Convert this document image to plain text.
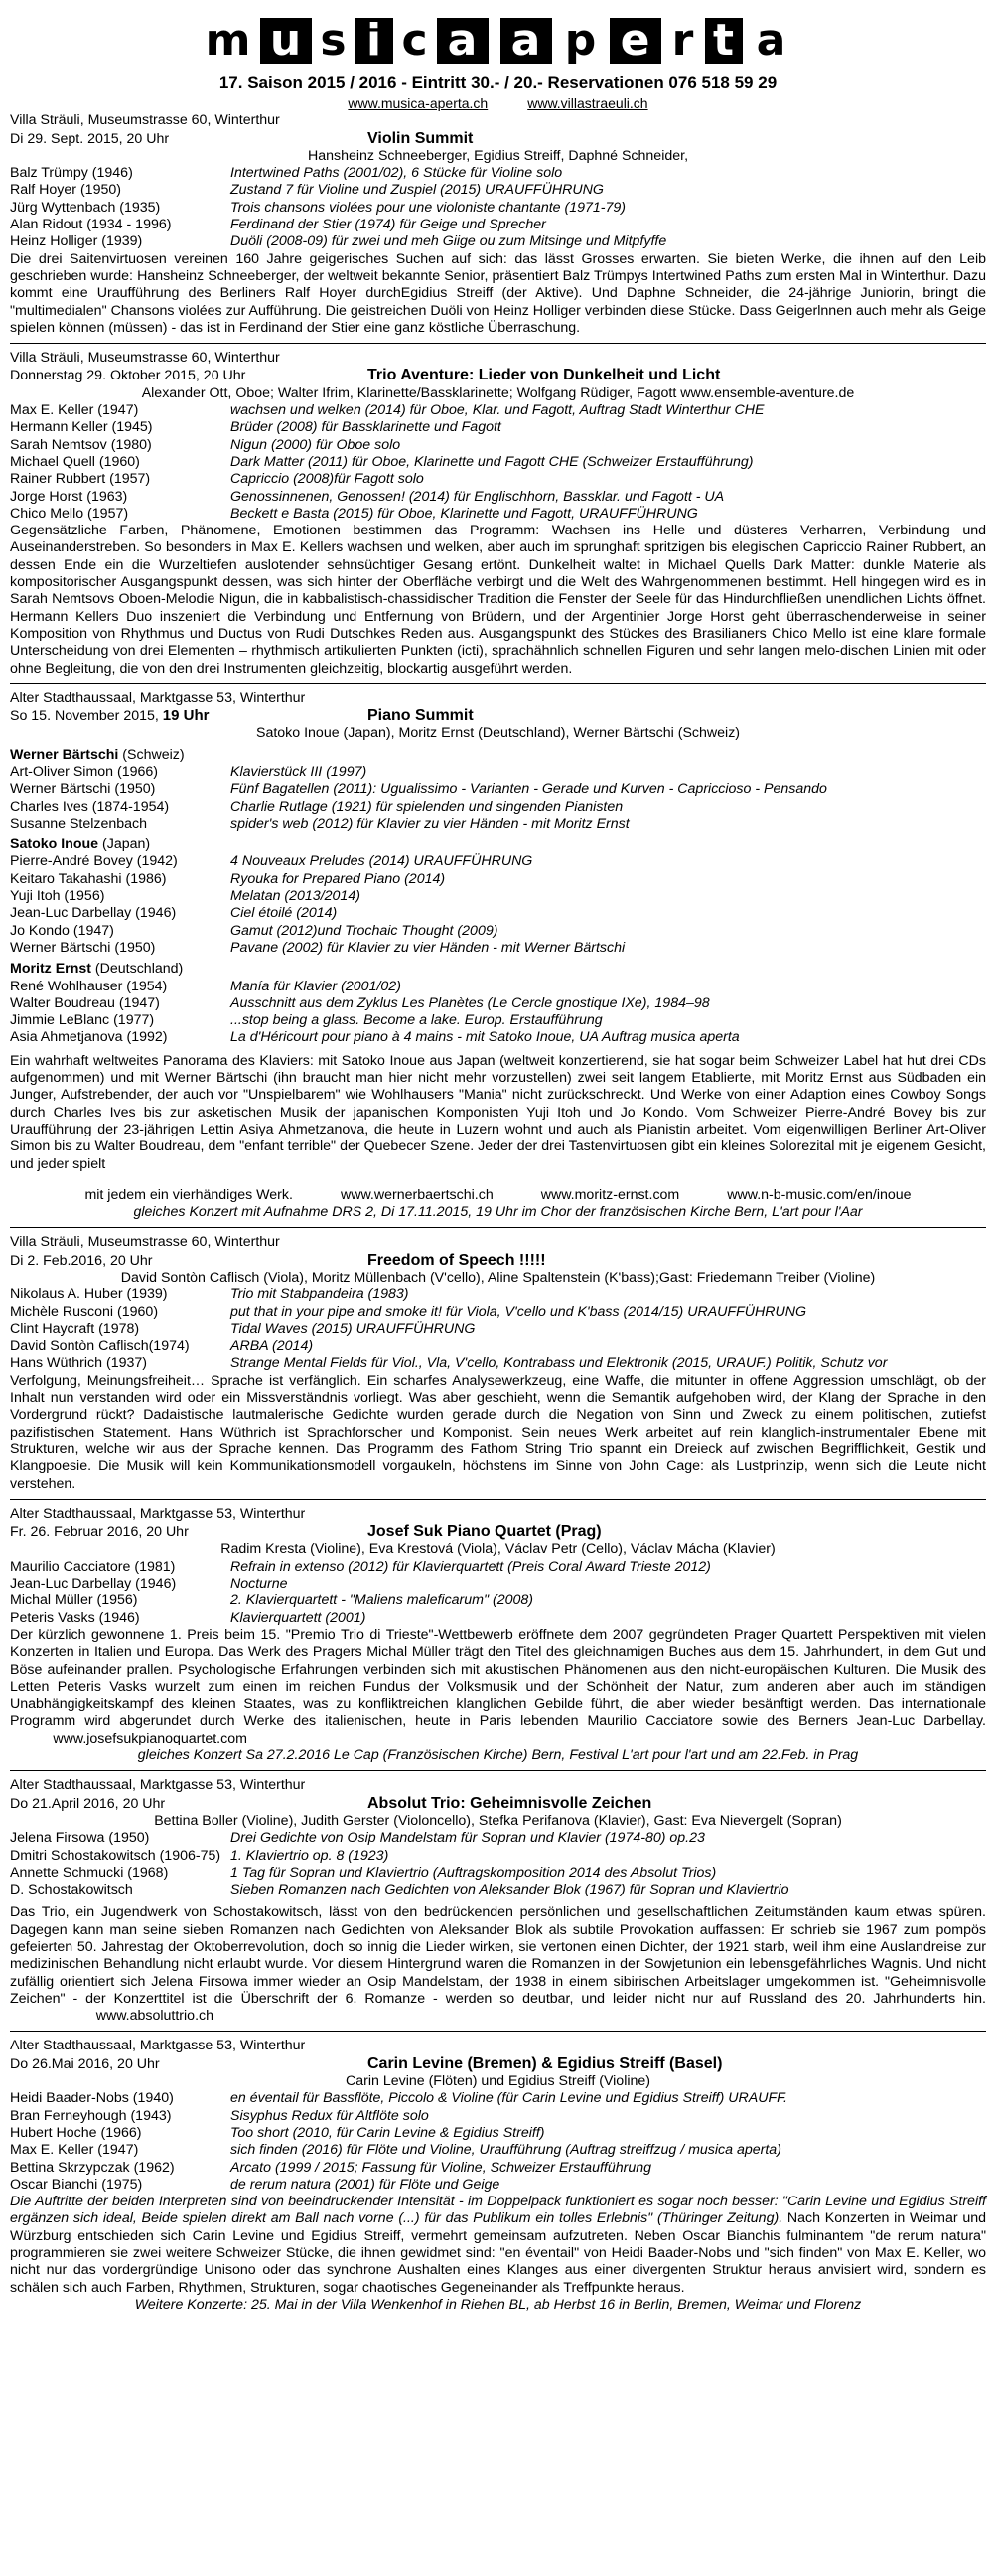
m u s i c a a p e r t a
17. Saison 2015 / 2016 - Eintritt 30.- / 20.- Reservationen 076 518 59 29
www.musica-aperta.ch	www.villastraeuli.ch
Villa Sträuli, Museumstrasse 60, Winterthur
Di 29. Sept. 2015, 20 Uhr	Violin Summit
Hansheinz Schneeberger, Egidius Streiff, Daphné Schneider,
Balz Trümpy (1946)	Intertwined Paths (2001/02), 6 Stücke für Violine solo
Ralf Hoyer (1950)	Zustand 7 für Violine und Zuspiel (2015) URAUFFÜHRUNG
Jürg Wyttenbach (1935)	Trois chansons violées pour une violoniste chantante (1971-79)
Alan Ridout (1934 - 1996)	Ferdinand der Stier (1974) für Geige und Sprecher
Heinz Holliger (1939)	Duöli (2008-09) für zwei und meh Giige ou zum Mitsinge und Mitpfyffe
Die drei Saitenvirtuosen vereinen 160 Jahre geigerisches Suchen auf sich: das lässt Grosses erwarten. Sie bieten Werke, die ihnen auf den Leib geschrieben wurde: Hansheinz Schneeberger, der weltweit bekannte Senior, präsentiert Balz Trümpys Intertwined Paths zum ersten Mal in Winterthur. Dazu kommt eine Uraufführung des Berliners Ralf Hoyer durchEgidius Streiff (der Aktive). Und Daphne Schneider, die 24-jährige Juniorin, bringt die "multimedialen" Chansons violées zur Aufführung. Die geistreichen Duöli von Heinz Holliger verbinden diese Stücke. Dass Geigerlnnen auch mehr als Geige spielen können (müssen) - das ist in Ferdinand der Stier eine ganz köstliche Überraschung.
Villa Sträuli, Museumstrasse 60, Winterthur
Donnerstag 29. Oktober 2015, 20 Uhr	Trio Aventure: Lieder von Dunkelheit und Licht
Alexander Ott, Oboe; Walter Ifrim, Klarinette/Bassklarinette; Wolfgang Rüdiger, Fagott www.ensemble-aventure.de
Max E. Keller (1947)	wachsen und welken (2014) für Oboe, Klar. und Fagott, Auftrag Stadt Winterthur CHE
Hermann Keller (1945)	Brüder (2008) für Bassklarinette und Fagott
Sarah Nemtsov (1980)	Nigun (2000) für Oboe solo
Michael Quell (1960)	Dark Matter (2011) für Oboe, Klarinette und Fagott CHE (Schweizer Erstaufführung)
Rainer Rubbert (1957)	Capriccio (2008)für Fagott solo
Jorge Horst (1963)	Genossinnenen, Genossen! (2014) für Englischhorn, Bassklar. und Fagott - UA
Chico Mello (1957)	Beckett e Basta (2015) für Oboe, Klarinette und Fagott, URAUFFÜHRUNG
Gegensätzliche Farben, Phänomene, Emotionen bestimmen das Programm: Wachsen ins Helle und düsteres Verharren, Verbindung und Auseinanderstreben. So besonders in Max E. Kellers wachsen und welken, aber auch im sprunghaft spritzigen bis elegischen Capriccio Rainer Rubbert, an dessen Ende ein die Wurzeltiefen auslotender sehnsüchtiger Gesang ertönt. Dunkelheit waltet in Michael Quells Dark Matter: dunkle Materie als kompositorischer Ausgangspunkt dessen, was sich hinter der Oberfläche verbirgt und die Welt des Wahrgenommenen bestimmt. Hell hingegen wird es in Sarah Nemtsovs Oboen-Melodie Nigun, die in kabbalistisch-chassidischer Tradition die Fenster der Seele für das Hindurchfließen unendlichen Lichts öffnet. Hermann Kellers Duo inszeniert die Verbindung und Entfernung von Brüdern, und der Argentinier Jorge Horst geht überraschenderweise in seiner Komposition von Rhythmus und Ductus von Rudi Dutschkes Reden aus. Ausgangspunkt des Stückes des Brasilianers Chico Mello ist eine klare formale Unterscheidung von drei Elementen – rhythmisch artikulierten Punkten (icti), sprachähnlich schnellen Figuren und sehr langen melo-dischen Linien mit oder ohne Begleitung, die von den drei Instrumenten gleichzeitig, blockartig ausgeführt werden.
Alter Stadthaussaal, Marktgasse 53, Winterthur
So 15. November 2015, 19 Uhr	Piano Summit
Satoko Inoue (Japan), Moritz Ernst (Deutschland), Werner Bärtschi (Schweiz)
Werner Bärtschi (Schweiz)
Art-Oliver Simon (1966)	Klavierstück III (1997)
Werner Bärtschi (1950)	Fünf Bagatellen (2011): Ugualissimo - Varianten - Gerade und Kurven - Capriccioso - Pensando
Charles Ives (1874-1954)	Charlie Rutlage (1921) für spielenden und singenden Pianisten
Susanne Stelzenbach	spider's web (2012) für Klavier zu vier Händen - mit Moritz Ernst
Satoko Inoue (Japan)
Pierre-André Bovey (1942)	4 Nouveaux Preludes (2014) URAUFFÜHRUNG
Keitaro Takahashi (1986)	Ryouka for Prepared Piano (2014)
Yuji Itoh (1956)	Melatan (2013/2014)
Jean-Luc Darbellay (1946)	Ciel étoilé (2014)
Jo Kondo (1947)	Gamut (2012)und Trochaic Thought (2009)
Werner Bärtschi (1950)	Pavane (2002) für Klavier zu vier Händen - mit Werner Bärtschi
Moritz Ernst (Deutschland)
René Wohlhauser (1954)	Manía für Klavier (2001/02)
Walter Boudreau (1947)	Ausschnitt aus dem Zyklus Les Planètes (Le Cercle gnostique IXe), 1984–98
Jimmie LeBlanc (1977)	...stop being a glass. Become a lake. Europ. Erstaufführung
Asia Ahmetjanova (1992)	La d'Héricourt pour piano à 4 mains - mit Satoko Inoue, UA Auftrag musica aperta
Ein wahrhaft weltweites Panorama des Klaviers: mit Satoko Inoue aus Japan (weltweit konzertierend, sie hat sogar beim Schweizer Label hat hut drei CDs aufgenommen) und mit Werner Bärtschi (ihn braucht man hier nicht mehr vorzustellen) zwei seit langem Etablierte, mit Moritz Ernst aus Südbaden ein Junger, Aufstrebender, der auch vor "Unspielbarem" wie Wohlhausers "Mania" nicht zurückschreckt. Und Werke von einer Adaption eines Cowboy Songs durch Charles Ives bis zur asketischen Musik der japanischen Komponisten Yuji Itoh und Jo Kondo. Vom Schweizer Pierre-André Bovey bis zur Uraufführung der 23-jährigen Lettin Asiya Ahmetzanova, die heute in Luzern wohnt und auch als Pianistin arbeitet. Vom eigenwilligen Berliner Art-Oliver Simon bis zu Walter Boudreau, dem "enfant terrible" der Quebecer Szene. Jeder der drei Tastenvirtuosen gibt ein kleines Solorezital mit je eigenem Gesicht, und jeder spielt
mit jedem ein vierhändiges Werk.	www.wernerbaertschi.ch	www.moritz-ernst.com	www.n-b-music.com/en/inoue
gleiches Konzert mit Aufnahme DRS 2, Di 17.11.2015, 19 Uhr im Chor der französischen Kirche Bern, L'art pour l'Aar
Villa Sträuli, Museumstrasse 60, Winterthur
Di 2. Feb.2016, 20 Uhr	Freedom of Speech !!!!!
David Sontòn Caflisch (Viola), Moritz Müllenbach (V'cello), Aline Spaltenstein (K'bass);Gast: Friedemann Treiber (Violine)
Nikolaus A. Huber (1939)	Trio mit Stabpandeira (1983)
Michèle Rusconi (1960)	put that in your pipe and smoke it! für Viola, V'cello und K'bass (2014/15) URAUFFÜHRUNG
Clint Haycraft (1978)	Tidal Waves (2015) URAUFFÜHRUNG
David Sontòn Caflisch(1974)	ARBA (2014)
Hans Wüthrich (1937)	Strange Mental Fields für Viol., Vla, V'cello, Kontrabass und Elektronik (2015, URAUF.) Politik, Schutz vor
Verfolgung, Meinungsfreiheit… Sprache ist verfänglich. Ein scharfes Analysewerkzeug, eine Waffe, die mitunter in offene Aggression umschlägt, ob der Inhalt nun verstanden wird oder ein Missverständnis vorliegt. Was aber geschieht, wenn die Semantik aufgehoben wird, der Klang der Sprache in den Vordergrund rückt? Dadaistische lautmalerische Gedichte wurden gerade durch die Negation von Sinn und Zweck zu einem politischen, zutiefst pazifistischen Statement. Hans Wüthrich ist Sprachforscher und Komponist. Sein neues Werk arbeitet auf rein klanglich-instrumentaler Ebene mit Strukturen, welche wir aus der Sprache kennen. Das Programm des Fathom String Trio spannt ein Dreieck auf zwischen Begrifflichkeit, Gestik und Klangpoesie. Die Musik will kein Kommunikationsmodell vorgaukeln, höchstens im Sinne von John Cage: als Lustprinzip, wenn sich die Leute nicht verstehen.
Alter Stadthaussaal, Marktgasse 53, Winterthur
Fr. 26. Februar 2016, 20 Uhr	Josef Suk Piano Quartet (Prag)
Radim Kresta (Violine), Eva Krestová (Viola), Václav Petr (Cello), Václav Mácha (Klavier)
Maurilio Cacciatore (1981)	Refrain in extenso (2012) für Klavierquartett (Preis Coral Award Trieste 2012)
Jean-Luc Darbellay (1946)	Nocturne
Michal Müller (1956)	2. Klavierquartett - "Maliens maleficarum" (2008)
Peteris Vasks (1946)	Klavierquartett (2001)
Der kürzlich gewonnene 1. Preis beim 15. "Premio Trio di Trieste"-Wettbewerb eröffnete dem 2007 gegründeten Prager Quartett Perspektiven mit vielen Konzerten in Italien und Europa. Das Werk des Pragers Michal Müller trägt den Titel des gleichnamigen Buches aus dem 15. Jahrhundert, in dem Gut und Böse aufeinander prallen. Psychologische Erfahrungen verbinden sich mit akustischen Phänomenen aus den nicht-europäischen Kulturen. Die Musik des Letten Peteris Vasks wurzelt zum einen im reichen Fundus der Volksmusik und der Schönheit der Natur, zum anderen aber auch im ständigen Unabhängigkeitskampf des kleinen Staates, was zu konfliktreichen klanglichen Gebilde führt, die aber wieder besänftigt werden. Das internationale Programm wird abgerundet durch Werke des italienischen, heute in Paris lebenden Maurilio Cacciatore sowie des Berners Jean-Luc Darbellay.            www.josefsukpianoquartet.com
gleiches Konzert Sa 27.2.2016 Le Cap (Französischen Kirche) Bern, Festival L'art pour l'art und am 22.Feb. in Prag
Alter Stadthaussaal, Marktgasse 53, Winterthur
Do 21.April 2016, 20 Uhr	Absolut Trio: Geheimnisvolle Zeichen
Bettina Boller (Violine), Judith Gerster (Violoncello), Stefka Perifanova (Klavier), Gast: Eva Nievergelt (Sopran)
Jelena Firsowa (1950)	Drei Gedichte von Osip Mandelstam für Sopran und Klavier (1974-80) op.23
Dmitri Schostakowitsch (1906-75) 1. Klaviertrio op. 8 (1923)
Annette Schmucki (1968)	1 Tag für Sopran und Klaviertrio (Auftragskomposition 2014 des Absolut Trios)
D. Schostakowitsch	Sieben Romanzen nach Gedichten von Aleksander Blok (1967) für Sopran und Klaviertrio
Das Trio, ein Jugendwerk von Schostakowitsch, lässt von den bedrückenden persönlichen und gesellschaftlichen Zeitumständen kaum etwas spüren. Dagegen kann man seine sieben Romanzen nach Gedichten von Aleksander Blok als subtile Provokation auffassen: Er schrieb sie 1967 zum pompös gefeierten 50. Jahrestag der Oktoberrevolution, doch so innig die Lieder wirken, sie vertonen einen Dichter, der 1921 starb, weil ihm eine Auslandreise zur medizinischen Behandlung nicht erlaubt wurde. Vor diesem Hintergrund waren die Romanzen in der Sowjetunion ein lebensgefährliches Wagnis. Und nicht zufällig orientiert sich Jelena Firsowa immer wieder an Osip Mandelstam, der 1938 in einem sibirischen Arbeitslager umgekommen ist. "Geheimnisvolle Zeichen" - der Konzerttitel ist die Überschrift der 6. Romanze - werden so deutbar, und leider nicht nur auf Russland des 20. Jahrhunderts hin.                       www.absoluttrio.ch
Alter Stadthaussaal, Marktgasse 53, Winterthur
Do 26.Mai 2016, 20 Uhr	Carin Levine (Bremen) & Egidius Streiff (Basel)
Carin Levine (Flöten) und Egidius Streiff (Violine)
Heidi Baader-Nobs (1940)	en éventail für Bassflöte, Piccolo & Violine (für Carin Levine und Egidius Streiff) URAUFF.
Bran Ferneyhough (1943)	Sisyphus Redux für Altflöte solo
Hubert Hoche (1966)	Too short (2010, für Carin Levine & Egidius Streiff)
Max E. Keller (1947)	sich finden (2016) für Flöte und Violine, Uraufführung (Auftrag streiffzug / musica aperta)
Bettina Skrzypczak (1962)	Arcato (1999 / 2015; Fassung für Violine, Schweizer Erstaufführung
Oscar Bianchi (1975)	de rerum natura (2001) für Flöte und Geige
Die Auftritte der beiden Interpreten sind von beeindruckender Intensität - im Doppelpack funktioniert es sogar noch besser: "Carin Levine und Egidius Streiff ergänzen sich ideal, Beide spielen direkt am Ball nach vorne (...) für das Publikum ein tolles Erlebnis" (Thüringer Zeitung). Nach Konzerten in Weimar und Würzburg entschieden sich Carin Levine und Egidius Streiff, vermehrt gemeinsam aufzutreten. Neben Oscar Bianchis fulminantem "de rerum natura" programmieren sie zwei weitere Schweizer Stücke, die ihnen gewidmet sind: "en éventail" von Heidi Baader-Nobs und "sich finden" von Max E. Keller, wo nicht nur das vordergründige Unisono oder das synchrone Aushalten eines Klanges aus einer divergenten Struktur heraus anvisiert wird, sondern es schälen sich auch Farben, Rhythmen, Strukturen, sogar chaotisches Gegeneinander als Treffpunkte heraus.
Weitere Konzerte: 25. Mai in der Villa Wenkenhof in Riehen BL, ab Herbst 16 in Berlin, Bremen, Weimar und Florenz
